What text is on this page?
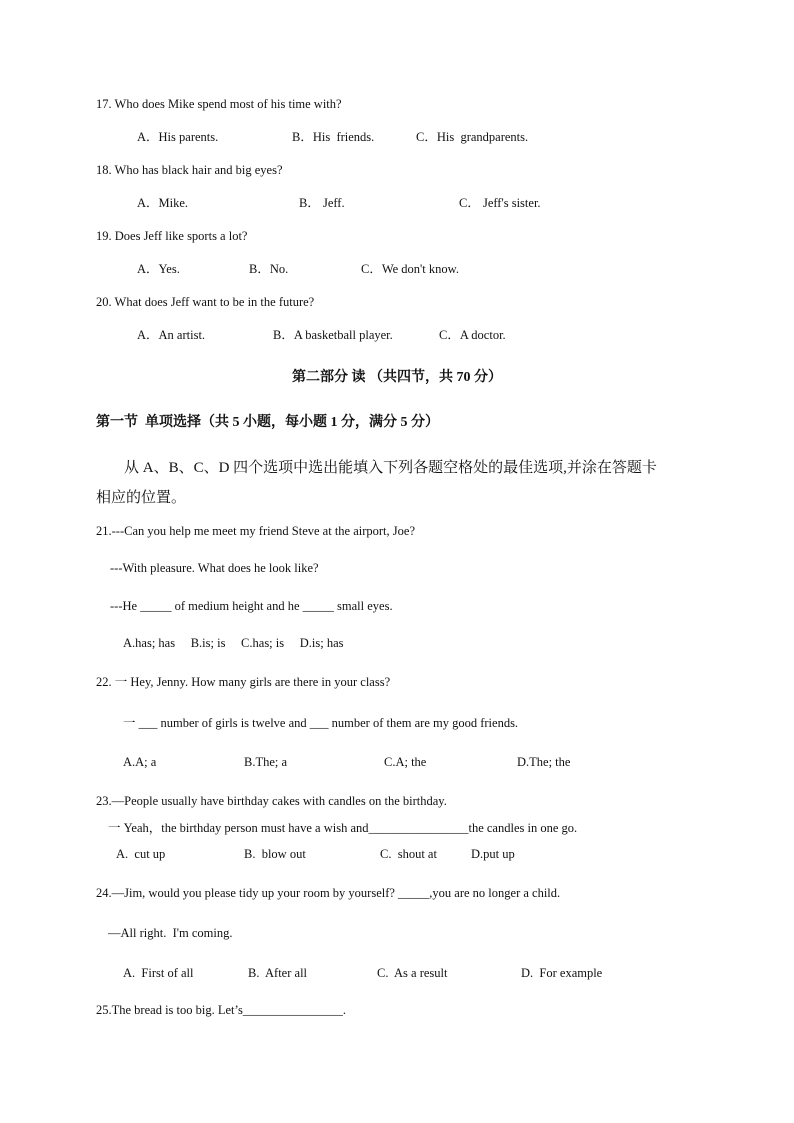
17. Who does Mike spend most of his time with?
A．His parents.	B．His  friends.	C．His  grandparents.
18. Who has black hair and big eyes?
A．Mike.	B． Jeff.	C． Jeff's sister.
19. Does Jeff like sports a lot?
A．Yes.	B．No.	C．We don't know.
20. What does Jeff want to be in the future?
A．An artist.	B．A basketball player.	C．A doctor.
第二部分 读 （共四节，共 70 分）
第一节  单项选择（共 5 小题，每小题 1 分，满分 5 分）
从 A、B、C、D 四个选项中选出能填入下列各题空格处的最佳选项,并涂在答题卡
相应的位置。
21.---Can you help me meet my friend Steve at the airport, Joe?
---With pleasure. What does he look like?
---He _____ of medium height and he _____ small eyes.
A.has; has     B.is; is     C.has; is     D.is; has
22. 一 Hey, Jenny. How many girls are there in your class?
一 ___ number of girls is twelve and ___ number of them are my good friends.
A.A; a	B.The; a	C.A; the	D.The; the
23.—People usually have birthday cakes with candles on the birthday.
一 Yeah，the birthday person must have a wish and________________the candles in one go.
A.  cut up	B.  blow out	C.  shout at	D.put up
24.—Jim, would you please tidy up your room by yourself? _____,you are no longer a child.
—All right.  I'm coming.
A.  First of all	B.  After all	C.  As a result	D.  For example
25.The bread is too big. Let’s________________.
